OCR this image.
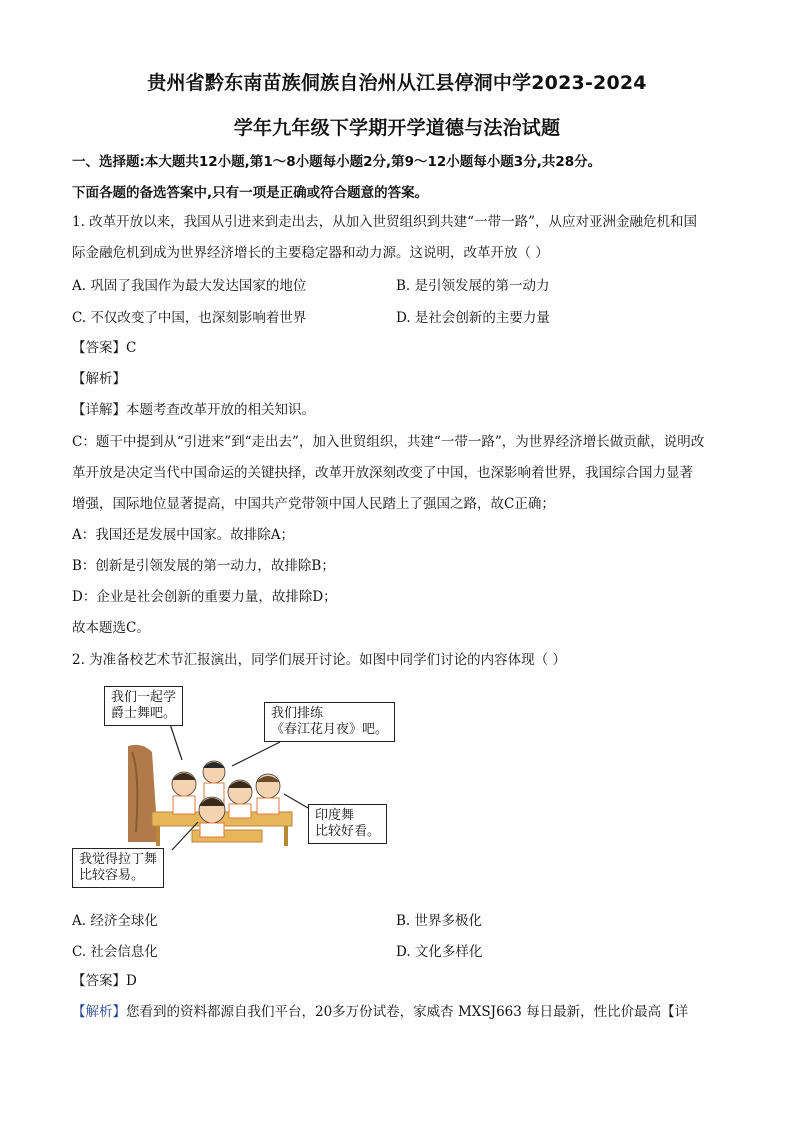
贵州省黔东南苗族侗族自治州从江县停洞中学2023-2024
学年九年级下学期开学道德与法治试题
一、选择题:本大题共12小题,第1～8小题每小题2分,第9～12小题每小题3分,共28分。
下面各题的备选答案中,只有一项是正确或符合题意的答案。
1. 改革开放以来，我国从引进来到走出去，从加入世贸组织到共建“一带一路”，从应对亚洲金融危机和国
际金融危机到成为世界经济增长的主要稳定器和动力源。这说明，改革开放（ ）
A. 巩固了我国作为最大发达国家的地位	B. 是引领发展的第一动力
C. 不仅改变了中国，也深刻影响着世界	D. 是社会创新的主要力量
【答案】C
【解析】
【详解】本题考查改革开放的相关知识。
C：题干中提到从“引进来”到“走出去”，加入世贸组织，共建“一带一路”，为世界经济增长做贡献，说明改
革开放是决定当代中国命运的关键抉择，改革开放深刻改变了中国，也深影响着世界，我国综合国力显著
增强，国际地位显著提高，中国共产党带领中国人民踏上了强国之路，故C正确；
A：我国还是发展中国家。故排除A；
B：创新是引领发展的第一动力，故排除B；
D：企业是社会创新的重要力量，故排除D；
故本题选C。
2. 为准备校艺术节汇报演出，同学们展开讨论。如图中同学们讨论的内容体现（ ）
我们一起学
爵士舞吧。	我们排练
《春江花月夜》吧。
印度舞
比较好看。
我觉得拉丁舞
比较容易。
A. 经济全球化	B. 世界多极化
C. 社会信息化	D. 文化多样化
【答案】D
【解析】您看到的资料都源自我们平台，20多万份试卷，家威杏 MXSJ663 每日最新，性比价最高【详
